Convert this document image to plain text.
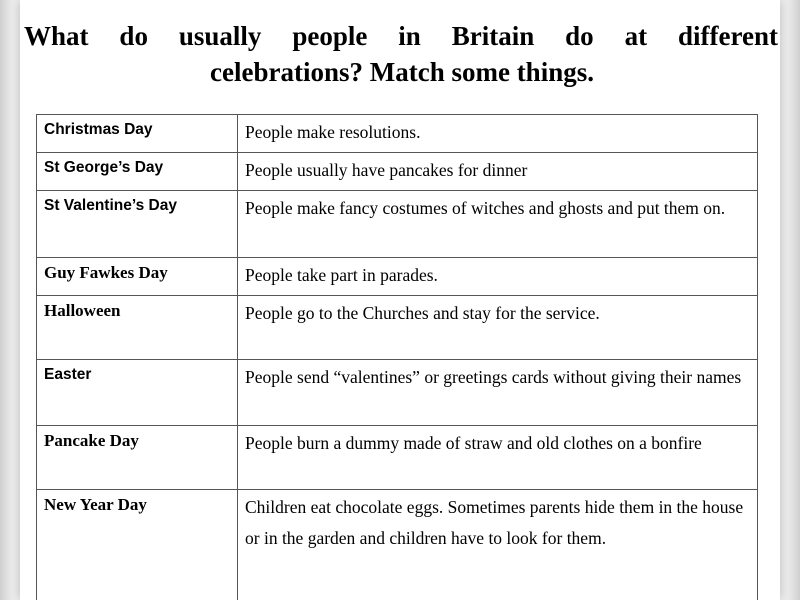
What do usually people in Britain do at different
celebrations? Match some things.
Christmas Day	People make resolutions.
St George’s Day	People usually have pancakes for dinner
St Valentine’s Day	People make fancy costumes of witches and ghosts and put them on.
Guy Fawkes Day	People take part in parades.
Halloween	People go to the Churches and stay for the service.
Easter	People send “valentines” or greetings cards without giving their names
Pancake Day	People burn a dummy made of straw and old clothes on a bonfire
New Year Day	Children eat chocolate eggs. Sometimes parents hide them in the house or in the garden and children have to look for them.
